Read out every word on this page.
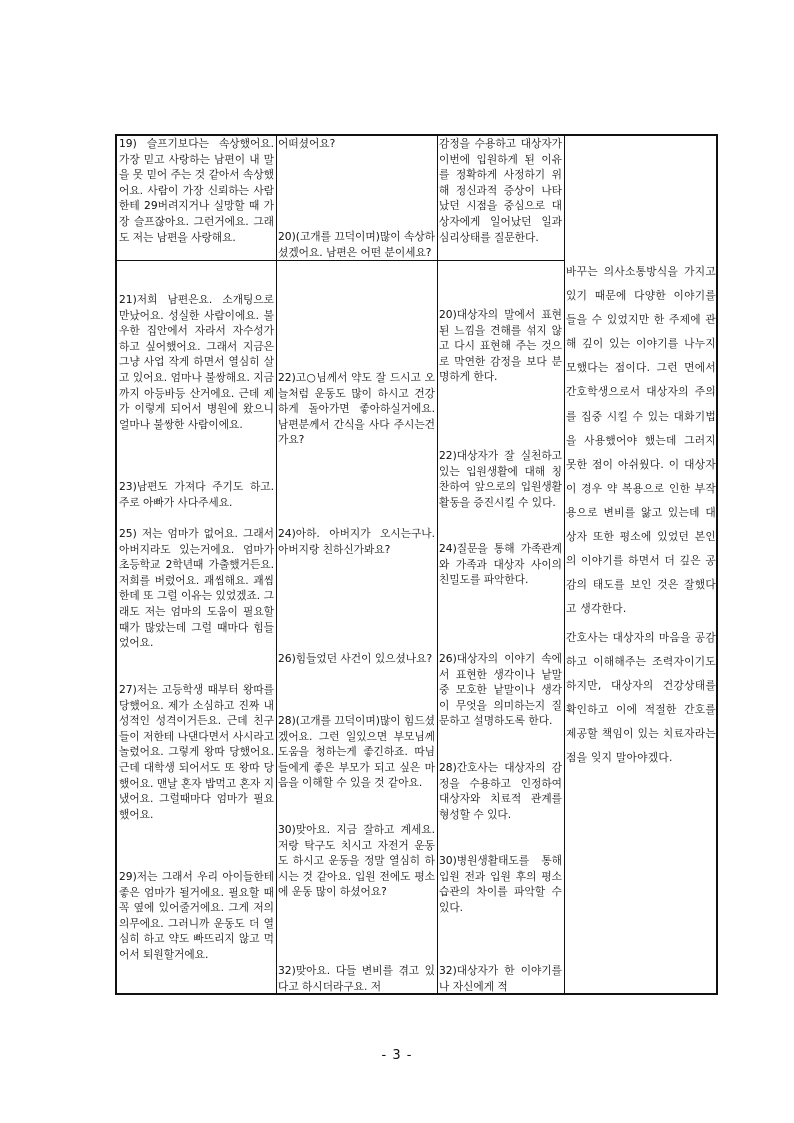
19) 슬프기보다는 속상했어요. 가장 믿고 사랑하는 남편이 내 말을 못 믿어 주는 것 같아서 속상했어요. 사람이 가장 신뢰하는 사람한테 29버려지거나 실망할 때 가장 슬프잖아요. 그런거에요. 그래도 저는 남편을 사랑해요.
21)저희 남편은요. 소개팅으로 만났어요. 성실한 사람이에요. 불우한 집안에서 자라서 자수성가 하고 싶어했어요. 그래서 지금은 그냥 사업 작게 하면서 열심히 살고 있어요. 엄마나 불쌍해요. 지금까지 아등바등 산거에요. 근데 제가 이렇게 되어서 병원에 왔으니 얼마나 불쌍한 사람이에요.
23)남편도 가져다 주기도 하고. 주로 아빠가 사다주세요.
25) 저는 엄마가 없어요. 그래서 아버지라도 있는거에요. 엄마가 초등학교 2학년때 가출했거든요. 저희를 버렸어요. 괘씸해요. 괘씸한데 또 그럴 이유는 있었겠죠. 그래도 저는 엄마의 도움이 필요할 때가 많았는데 그럴 때마다 힘들었어요.
27)저는 고등학생 때부터 왕따를 당했어요. 제가 소심하고 진짜 내성적인 성격이거든요. 근데 친구들이 저한테 나댄다면서 사시라고 놀렸어요. 그렇게 왕따 당했어요. 근데 대학생 되어서도 또 왕따 당했어요. 맨날 혼자 밥먹고 혼자 지냈어요. 그럴때마다 엄마가 필요했어요.
29)저는 그래서 우리 아이들한테 좋은 엄마가 될거에요. 필요할 때 꼭 옆에 있어줄거에요. 그게 저의 의무에요. 그러니까 운동도 더 열심히 하고 약도 빠뜨리지 않고 먹어서 퇴원할거에요.
어떠셨어요?
20)(고개를 끄덕이며)많이 속상하셨겠어요. 남편은 어떤 분이세요?
22)고○님께서 약도 잘 드시고 오늘처럼 운동도 많이 하시고 건강하게 돌아가면 좋아하실거에요.   남편분께서 간식을 사다 주시는건가요?
24)아하. 아버지가 오시는구나. 아버지랑 친하신가봐요?
26)힘들었던 사건이 있으셨나요?
28)(고개를 끄덕이며)많이 힘드셨겠어요. 그런 일있으면 부모님께 도움을 청하는게 좋긴하죠. 따님들에게 좋은 부모가 되고 싶은 마음을 이해할 수 있을 것 같아요.
30)맞아요. 지금 잘하고 계세요. 저랑 탁구도 치시고 자전거 운동도 하시고 운동을 정말 열심히 하시는 것 같아요. 입원 전에도 평소에 운동 많이 하셨어요?
32)맞아요. 다들 변비를 겪고 있다고 하시더라구요. 저
감정을 수용하고 대상자가 이번에 입원하게 된 이유를 정확하게 사정하기 위해 정신과적 증상이 나타났던 시점을 중심으로 대상자에게 일어났던 일과 심리상태를 질문한다.
20)대상자의 말에서 표현된 느낌을 견해를 섞지 않고 다시 표현해 주는 것으로 막연한 감정을 보다 분명하게 한다.
22)대상자가 잘 실천하고 있는 입원생활에 대해 칭찬하여 앞으로의 입원생활 활동을 증진시킬 수 있다.
24)질문을 통해 가족관계와 가족과 대상자 사이의 친밀도를 파악한다.
26)대상자의 이야기 속에서 표현한 생각이나 낱말 중 모호한 낱말이나 생각이 무엇을 의미하는지 질문하고 설명하도록 한다.
28)간호사는 대상자의 감정을 수용하고 인정하여 대상자와 치료적 관계를 형성할 수 있다.
30)병원생활태도를 통해 입원 전과 입원 후의 평소습관의 차이를 파악할 수 있다.
32)대상자가 한 이야기를 나 자신에게 적
바꾸는 의사소통방식을 가지고 있기 때문에 다양한 이야기를 들을 수 있었지만 한 주제에 관해 깊이 있는 이야기를 나누지 모했다는 점이다. 그런 면에서 간호학생으로서 대상자의 주의를 집중 시킬 수 있는 대화기법을 사용했어야 했는데 그러지 못한 점이 아쉬웠다. 이 대상자이 경우 약 복용으로 인한 부작용으로 변비를 앓고 있는데 대상자 또한 평소에 있었던 본인의 이야기를 하면서 더 깊은 공감의 태도를 보인 것은 잘했다고 생각한다.
간호사는 대상자의 마음을 공감하고 이해해주는 조력자이기도 하지만, 대상자의 건강상태를 확인하고 이에 적절한 간호를 제공할 책임이 있는 치료자라는 점을 잊지 말아야겠다.
- 3 -
